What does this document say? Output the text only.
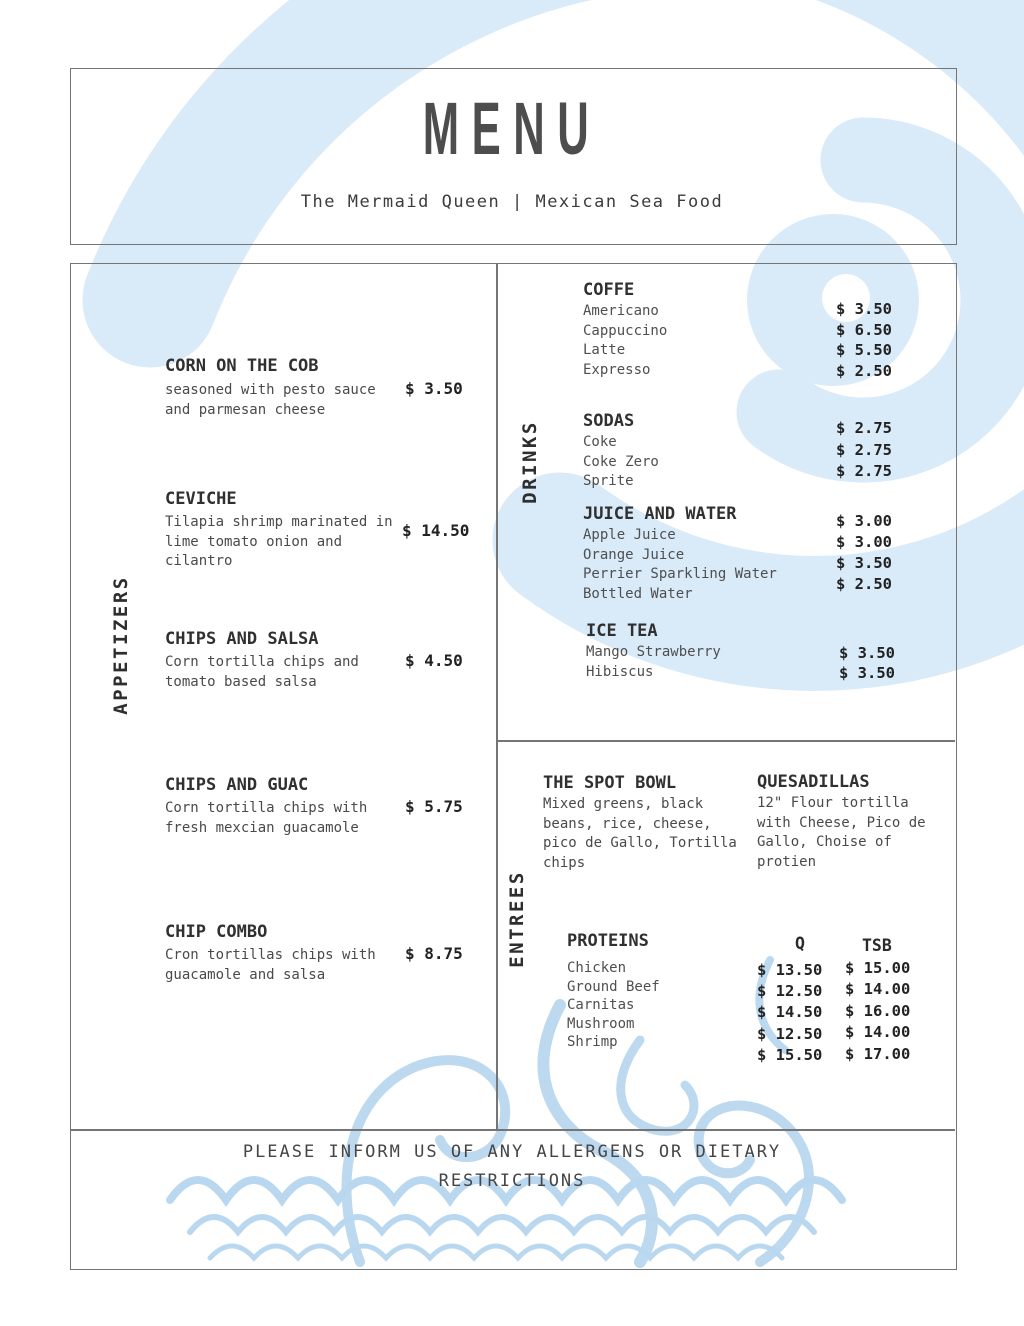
MENU
The Mermaid Queen | Mexican Sea Food
APPETIZERS
DRINKS
ENTREES
CORN ON THE COB
seasoned with pesto sauce and parmesan cheese
$ 3.50
CEVICHE
Tilapia shrimp marinated in lime tomato onion and cilantro
$ 14.50
CHIPS AND SALSA
Corn tortilla chips and tomato based salsa
$ 4.50
CHIPS AND GUAC
Corn tortilla chips with fresh mexcian guacamole
$ 5.75
CHIP COMBO
Cron tortillas chips with guacamole and salsa
$ 8.75
COFFE
Americano
Cappuccino
Latte
Expresso
$ 3.50
$ 6.50
$ 5.50
$ 2.50
SODAS
Coke
Coke Zero
Sprite
$ 2.75
$ 2.75
$ 2.75
JUICE AND WATER
Apple Juice
Orange Juice
Perrier Sparkling Water
Bottled Water
$ 3.00
$ 3.00
$ 3.50
$ 2.50
ICE TEA
Mango Strawberry
Hibiscus
$ 3.50
$ 3.50
THE SPOT BOWL
Mixed greens, black beans, rice, cheese, pico de Gallo, Tortilla chips
QUESADILLAS
12" Flour tortilla with Cheese, Pico de Gallo, Choise of protien
PROTEINS	Q	TSB
Chicken
Ground Beef
Carnitas
Mushroom
Shrimp
$ 13.50
$ 12.50
$ 14.50
$ 12.50
$ 15.50
$ 15.00
$ 14.00
$ 16.00
$ 14.00
$ 17.00
PLEASE INFORM US OF ANY ALLERGENS OR DIETARY RESTRICTIONS
